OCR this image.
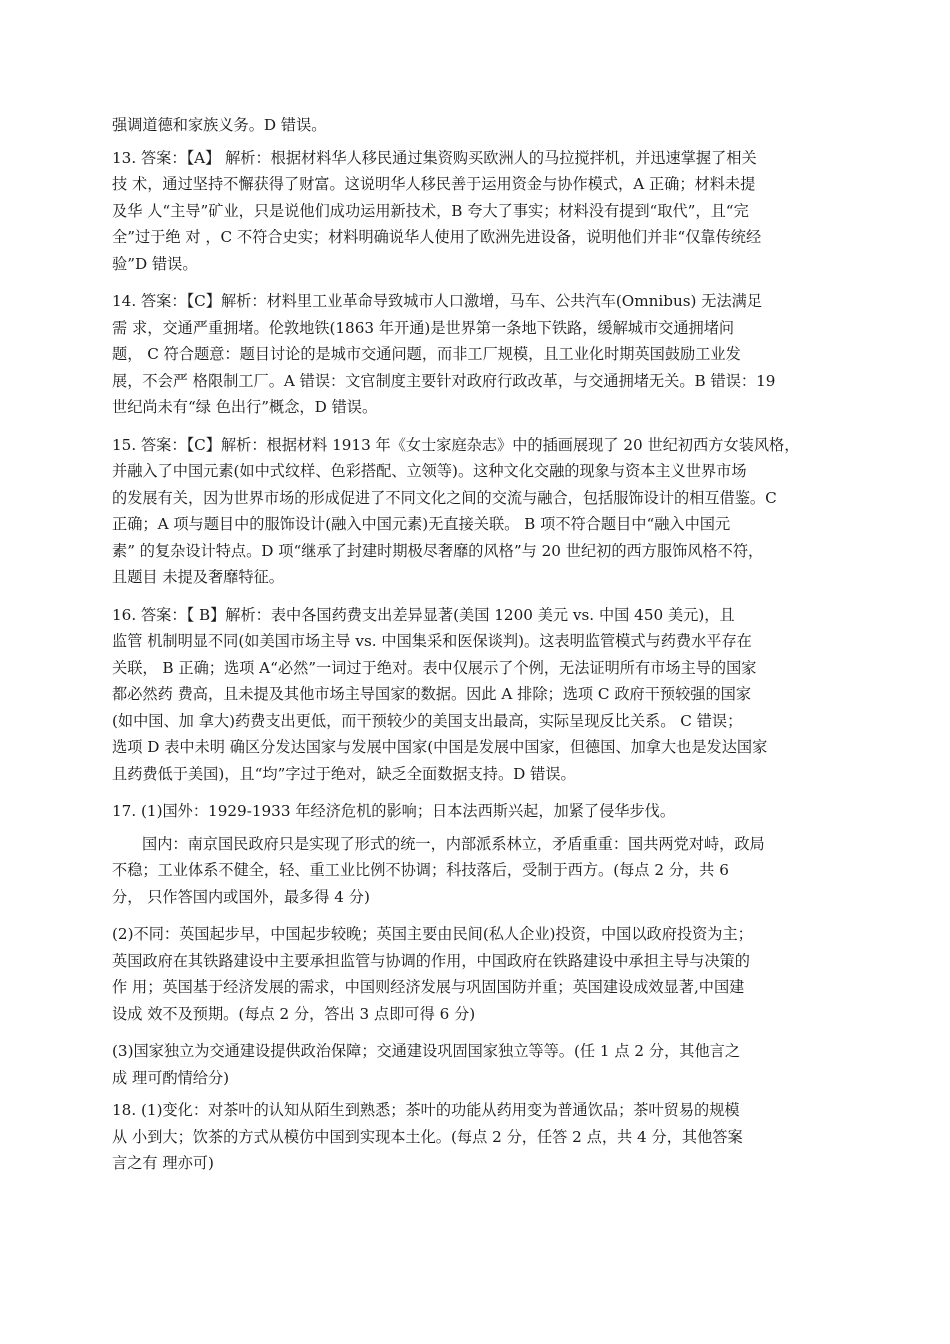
强调道德和家族义务。D 错误。
13. 答案：【A】 解析：根据材料华人移民通过集资购买欧洲人的马拉搅拌机，并迅速掌握了相关
技 术，通过坚持不懈获得了财富。这说明华人移民善于运用资金与协作模式，A 正确；材料未提
及华 人“主导”矿业，只是说他们成功运用新技术，B 夸大了事实；材料没有提到“取代”，且“完
全”过于绝 对 ，C 不符合史实；材料明确说华人使用了欧洲先进设备，说明他们并非“仅靠传统经
验”D 错误。
14. 答案：【C】解析：材料里工业革命导致城市人口激增，马车、公共汽车(Omnibus) 无法满足
需 求，交通严重拥堵。伦敦地铁(1863 年开通)是世界第一条地下铁路，缓解城市交通拥堵问
题， C 符合题意：题目讨论的是城市交通问题，而非工厂规模，且工业化时期英国鼓励工业发
展，不会严 格限制工厂。A 错误：文官制度主要针对政府行政改革，与交通拥堵无关。B 错误：19
世纪尚未有“绿 色出行”概念，D 错误。
15. 答案：【C】解析：根据材料 1913 年《女士家庭杂志》中的插画展现了 20 世纪初西方女装风格，
并融入了中国元素(如中式纹样、色彩搭配、立领等)。这种文化交融的现象与资本主义世界市场
的发展有关，因为世界市场的形成促进了不同文化之间的交流与融合，包括服饰设计的相互借鉴。C
正确；A 项与题目中的服饰设计(融入中国元素)无直接关联。 B 项不符合题目中“融入中国元
素” 的复杂设计特点。D 项“继承了封建时期极尽奢靡的风格”与 20 世纪初的西方服饰风格不符，
且题目 未提及奢靡特征。
16. 答案：【 B】解析：表中各国药费支出差异显著(美国 1200 美元 vs. 中国 450 美元)，且
监管 机制明显不同(如美国市场主导 vs. 中国集采和医保谈判)。这表明监管模式与药费水平存在
关联， B 正确；选项 A“必然”一词过于绝对。表中仅展示了个例，无法证明所有市场主导的国家
都必然药 费高，且未提及其他市场主导国家的数据。因此 A 排除；选项 C 政府干预较强的国家
(如中国、加 拿大)药费支出更低，而干预较少的美国支出最高，实际呈现反比关系。 C 错误；
选项 D 表中未明 确区分发达国家与发展中国家(中国是发展中国家，但德国、加拿大也是发达国家
且药费低于美国)，且“均”字过于绝对，缺乏全面数据支持。D 错误。
17. (1)国外：1929-1933 年经济危机的影响；日本法西斯兴起，加紧了侵华步伐。
国内：南京国民政府只是实现了形式的统一，内部派系林立，矛盾重重：国共两党对峙，政局
不稳；工业体系不健全，轻、重工业比例不协调；科技落后，受制于西方。(每点 2 分，共 6
分， 只作答国内或国外，最多得 4 分)
(2)不同：英国起步早，中国起步较晚；英国主要由民间(私人企业)投资，中国以政府投资为主；
英国政府在其铁路建设中主要承担监管与协调的作用，中国政府在铁路建设中承担主导与决策的
作 用；英国基于经济发展的需求，中国则经济发展与巩固国防并重；英国建设成效显著,中国建
设成 效不及预期。(每点 2 分，答出 3 点即可得 6 分)
(3)国家独立为交通建设提供政治保障；交通建设巩固国家独立等等。(任 1 点 2 分，其他言之
成 理可酌情给分)
18. (1)变化：对茶叶的认知从陌生到熟悉；茶叶的功能从药用变为普通饮品；茶叶贸易的规模
从 小到大；饮茶的方式从模仿中国到实现本土化。(每点 2 分，任答 2 点，共 4 分，其他答案
言之有 理亦可)
